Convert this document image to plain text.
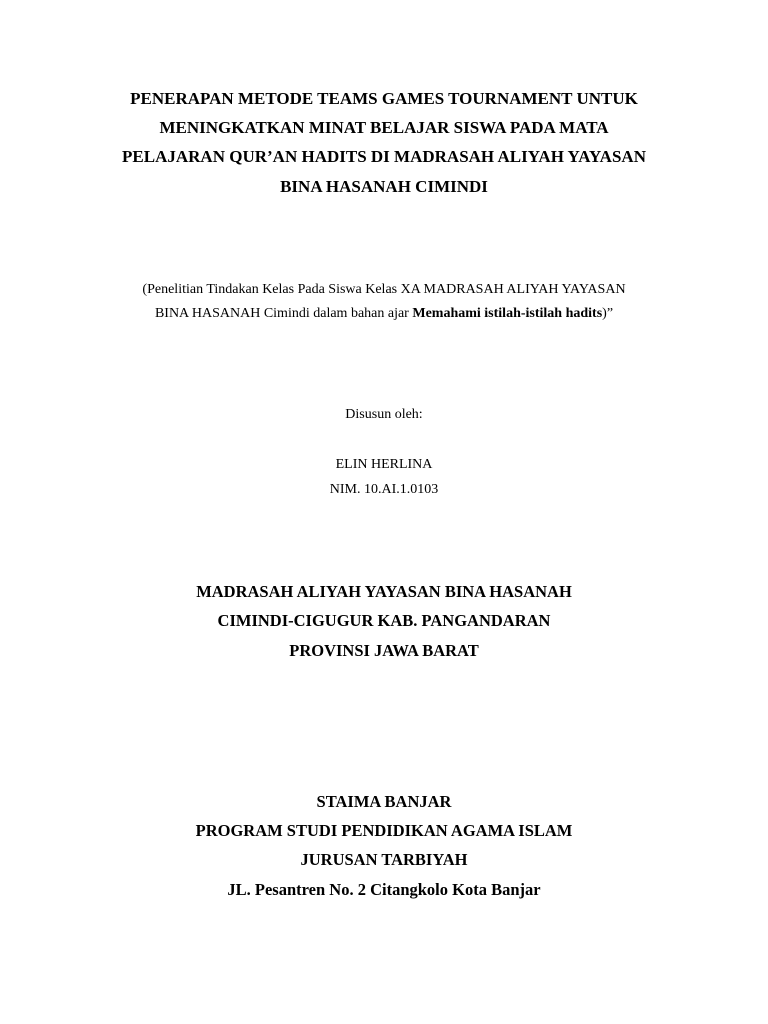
PENERAPAN METODE TEAMS GAMES TOURNAMENT UNTUK
MENINGKATKAN MINAT BELAJAR SISWA PADA MATA
PELAJARAN QUR’AN HADITS DI MADRASAH ALIYAH YAYASAN
BINA HASANAH CIMINDI
(Penelitian Tindakan Kelas Pada Siswa Kelas XA MADRASAH ALIYAH YAYASAN
BINA HASANAH Cimindi dalam bahan ajar Memahami istilah-istilah hadits)”
Disusun oleh:
ELIN HERLINA
NIM. 10.AI.1.0103
MADRASAH ALIYAH YAYASAN BINA HASANAH
CIMINDI-CIGUGUR KAB. PANGANDARAN
PROVINSI JAWA BARAT
STAIMA BANJAR
PROGRAM STUDI PENDIDIKAN AGAMA ISLAM
JURUSAN TARBIYAH
JL. Pesantren No. 2 Citangkolo Kota Banjar
